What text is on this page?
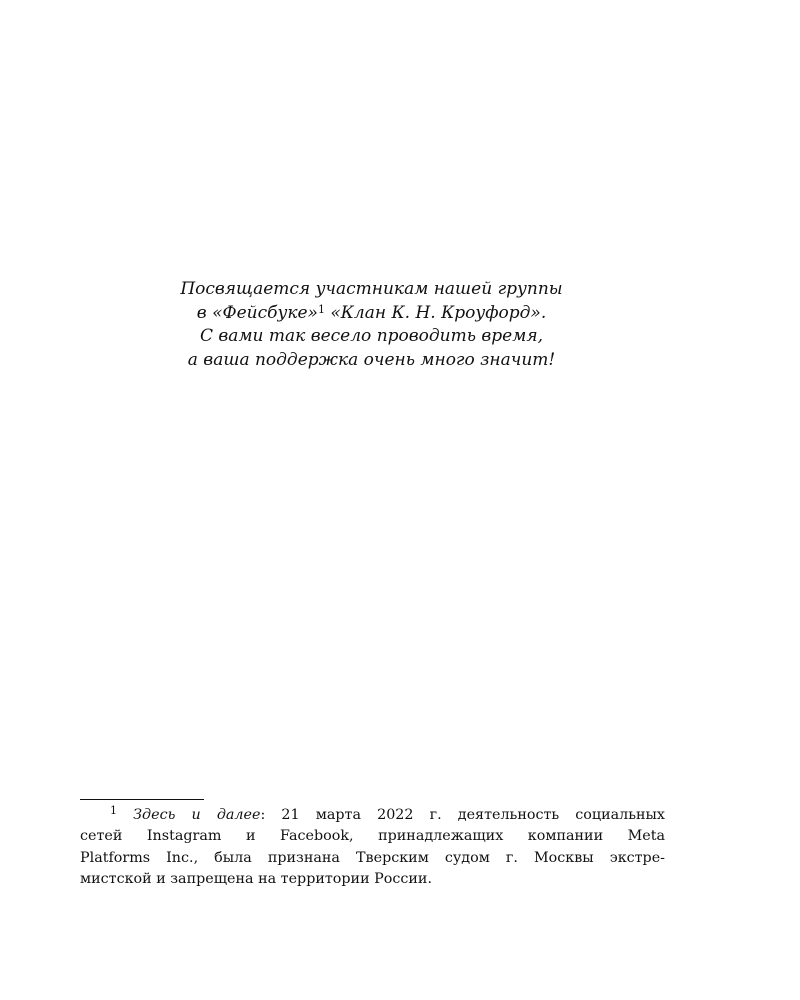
Посвящается участникам нашей группы
в «Фейсбуке»$^1$ «Клан К. Н. Кроуфорд».
С вами так весело проводить время,
а ваша поддержка очень много значит!
$^1$ Здесь и далее: 21 марта 2022 г. деятельность социальных
сетей Instagram и Facebook, принадлежащих компании Meta
Platforms Inc., была признана Тверским судом г. Москвы экстре-
мистской и запрещена на территории России.
